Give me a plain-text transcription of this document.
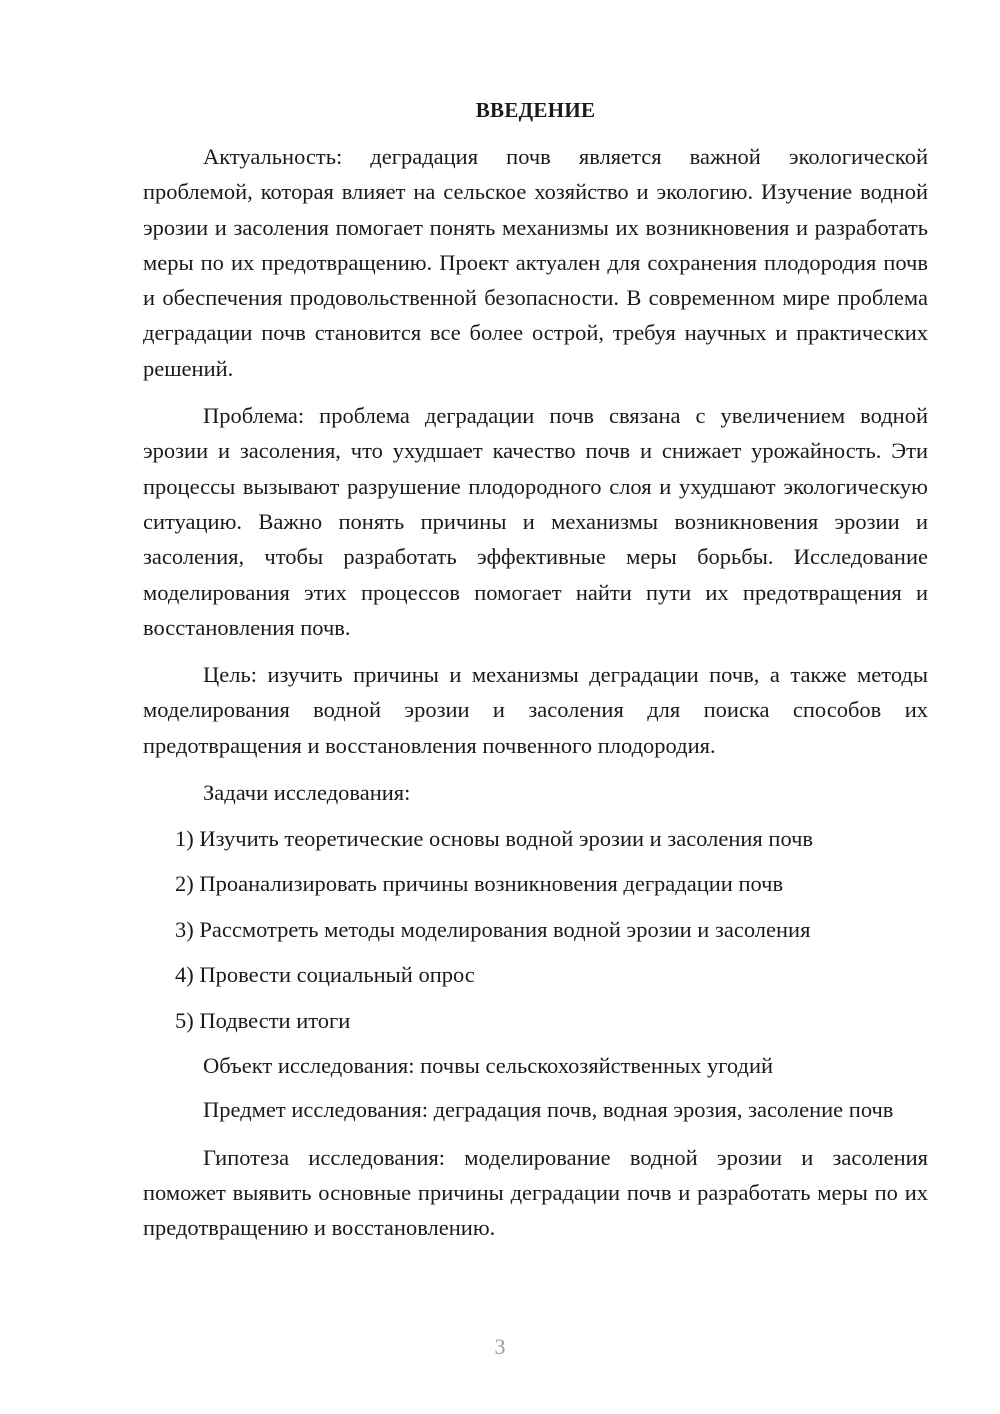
ВВЕДЕНИЕ

Актуальность: деградация почв является важной экологической проблемой, которая влияет на сельское хозяйство и экологию. Изучение водной эрозии и засоления помогает понять механизмы их возникновения и разработать меры по их предотвращению. Проект актуален для сохранения плодородия почв и обеспечения продовольственной безопасности. В современном мире проблема деградации почв становится все более острой, требуя научных и практических решений.

Проблема: проблема деградации почв связана с увеличением водной эрозии и засоления, что ухудшает качество почв и снижает урожайность. Эти процессы вызывают разрушение плодородного слоя и ухудшают экологическую ситуацию. Важно понять причины и механизмы возникновения эрозии и засоления, чтобы разработать эффективные меры борьбы. Исследование моделирования этих процессов помогает найти пути их предотвращения и восстановления почв.

Цель: изучить причины и механизмы деградации почв, а также методы моделирования водной эрозии и засоления для поиска способов их предотвращения и восстановления почвенного плодородия.

Задачи исследования:
1) Изучить теоретические основы водной эрозии и засоления почв
2) Проанализировать причины возникновения деградации почв
3) Рассмотреть методы моделирования водной эрозии и засоления
4) Провести социальный опрос
5) Подвести итоги

Объект исследования: почвы сельскохозяйственных угодий

Предмет исследования: деградация почв, водная эрозия, засоление почв

Гипотеза исследования: моделирование водной эрозии и засоления поможет выявить основные причины деградации почв и разработать меры по их предотвращению и восстановлению.

3
